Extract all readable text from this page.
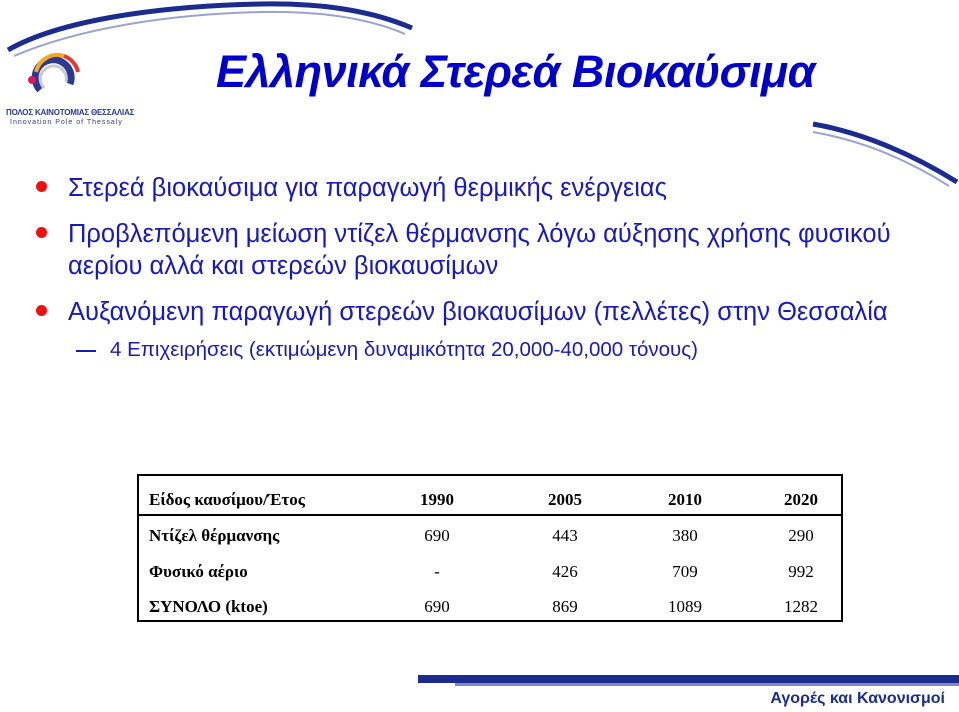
ΠΟΛΟΣ ΚΑΙΝΟΤΟΜΙΑΣ ΘΕΣΣΑΛΙΑΣ
Innovation Pole of Thessaly
Ελληνικά Στερεά Βιοκαύσιμα
Στερεά βιοκαύσιμα για παραγωγή θερμικής ενέργειας
Προβλεπόμενη μείωση ντίζελ θέρμανσης λόγω αύξησης χρήσης φυσικού αερίου αλλά και στερεών βιοκαυσίμων
Αυξανόμενη παραγωγή στερεών βιοκαυσίμων (πελλέτες) στην Θεσσαλία
4 Επιχειρήσεις (εκτιμώμενη δυναμικότητα 20,000-40,000 τόνους)
Είδος καυσίμου/Έτος	1990	2005	2010	2020
Ντίζελ θέρμανσης	690	443	380	290
Φυσικό αέριο	-	426	709	992
ΣΥΝΟΛΟ (ktoe)	690	869	1089	1282
Αγορές και Κανονισμοί
